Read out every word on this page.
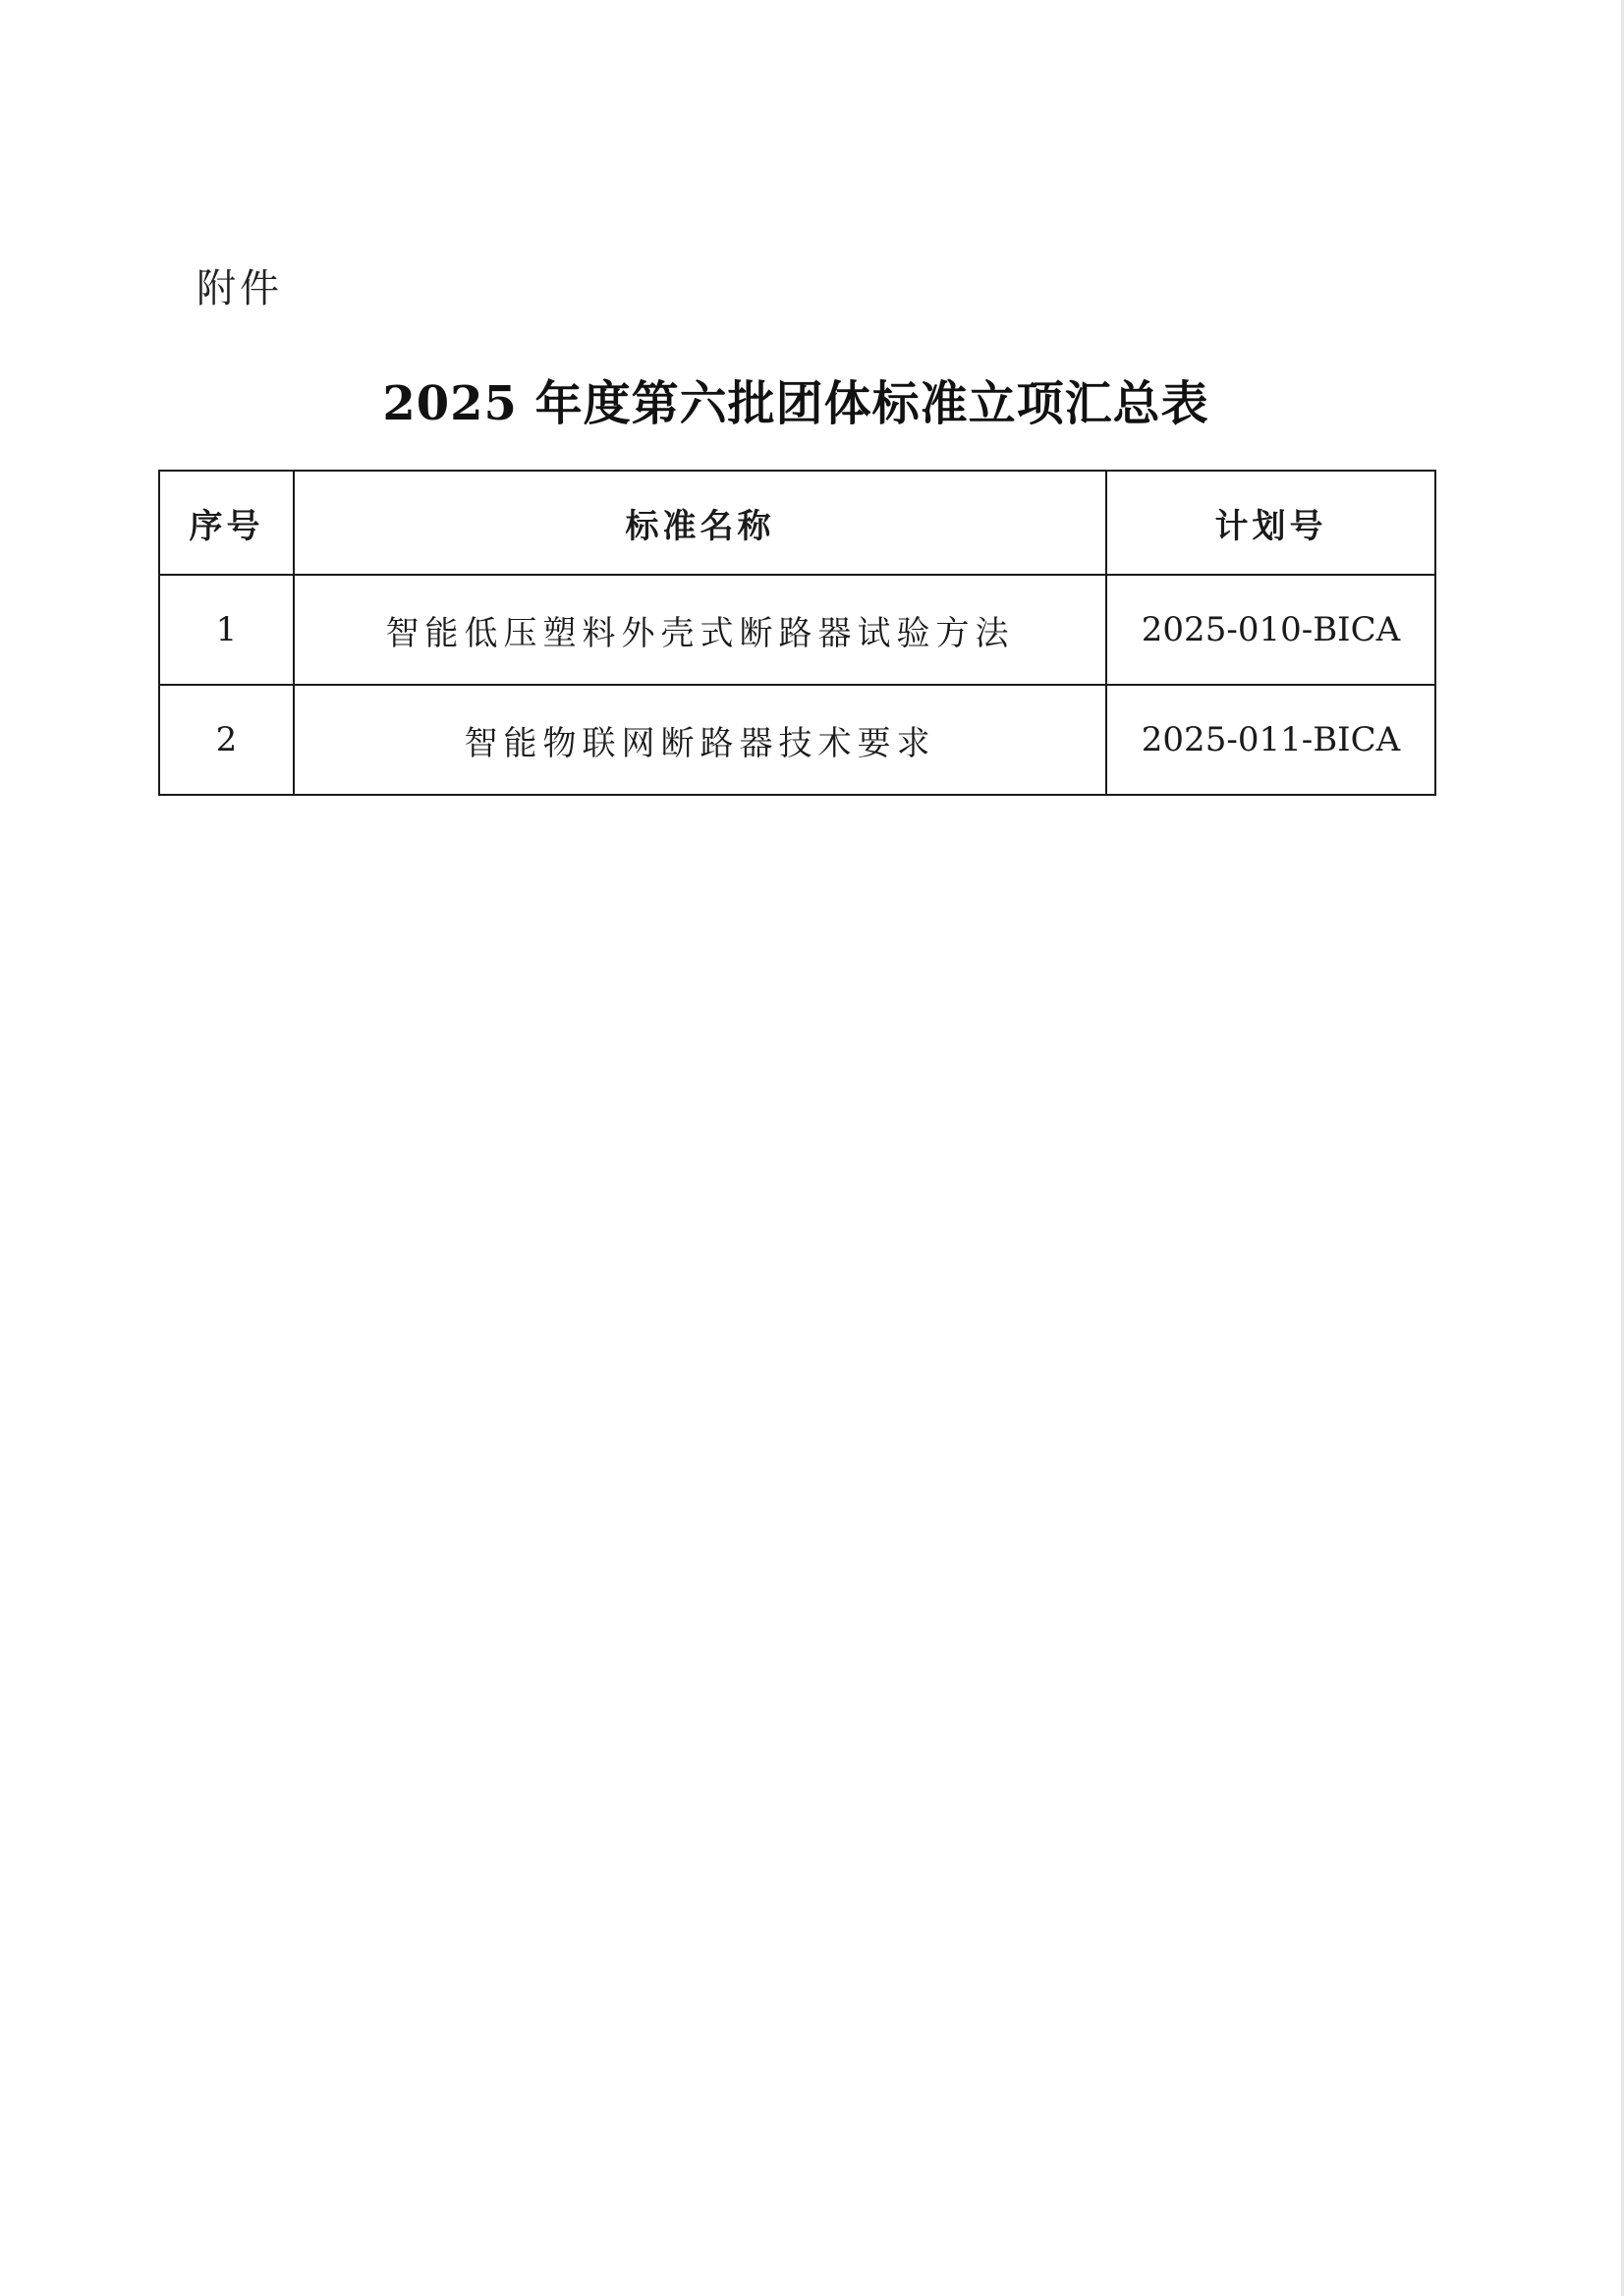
附件
2025 年度第六批团体标准立项汇总表
序号	标准名称	计划号
1	智能低压塑料外壳式断路器试验方法	2025-010-BICA
2	智能物联网断路器技术要求	2025-011-BICA
